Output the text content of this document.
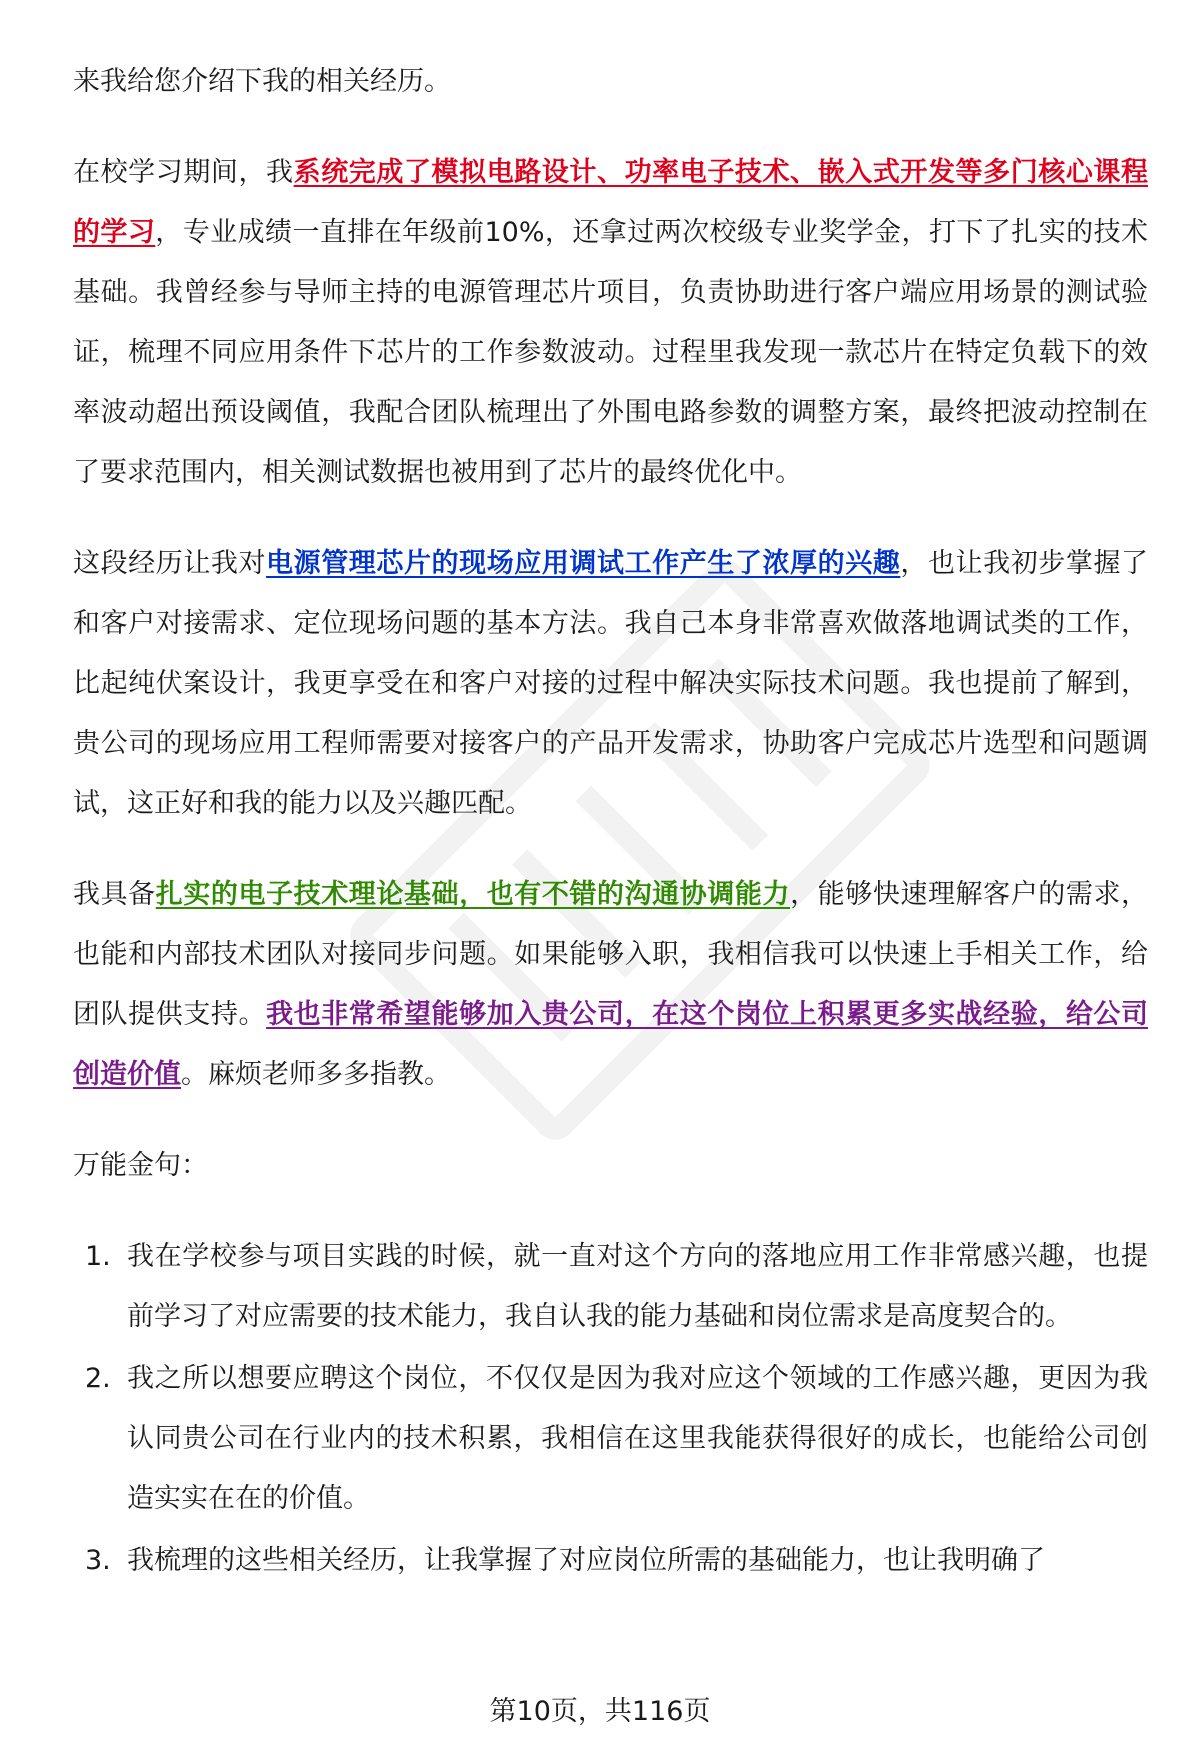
来我给您介绍下我的相关经历。

在校学习期间，我系统完成了模拟电路设计、功率电子技术、嵌入式开发等多门核心课程的学习，专业成绩一直排在年级前10%，还拿过两次校级专业奖学金，打下了扎实的技术基础。我曾经参与导师主持的电源管理芯片项目，负责协助进行客户端应用场景的测试验证，梳理不同应用条件下芯片的工作参数波动。过程里我发现一款芯片在特定负载下的效率波动超出预设阈值，我配合团队梳理出了外围电路参数的调整方案，最终把波动控制在了要求范围内，相关测试数据也被用到了芯片的最终优化中。

这段经历让我对电源管理芯片的现场应用调试工作产生了浓厚的兴趣，也让我初步掌握了和客户对接需求、定位现场问题的基本方法。我自己本身非常喜欢做落地调试类的工作，比起纯伏案设计，我更享受在和客户对接的过程中解决实际技术问题。我也提前了解到，贵公司的现场应用工程师需要对接客户的产品开发需求，协助客户完成芯片选型和问题调试，这正好和我的能力以及兴趣匹配。

我具备扎实的电子技术理论基础，也有不错的沟通协调能力，能够快速理解客户的需求，也能和内部技术团队对接同步问题。如果能够入职，我相信我可以快速上手相关工作，给团队提供支持。我也非常希望能够加入贵公司，在这个岗位上积累更多实战经验，给公司创造价值。麻烦老师多多指教。

万能金句：

1. 我在学校参与项目实践的时候，就一直对这个方向的落地应用工作非常感兴趣，也提前学习了对应需要的技术能力，我自认我的能力基础和岗位需求是高度契合的。
2. 我之所以想要应聘这个岗位，不仅仅是因为我对应这个领域的工作感兴趣，更因为我认同贵公司在行业内的技术积累，我相信在这里我能获得很好的成长，也能给公司创造实实在在的价值。
3. 我梳理的这些相关经历，让我掌握了对应岗位所需的基础能力，也让我明确了
第10页，共116页
